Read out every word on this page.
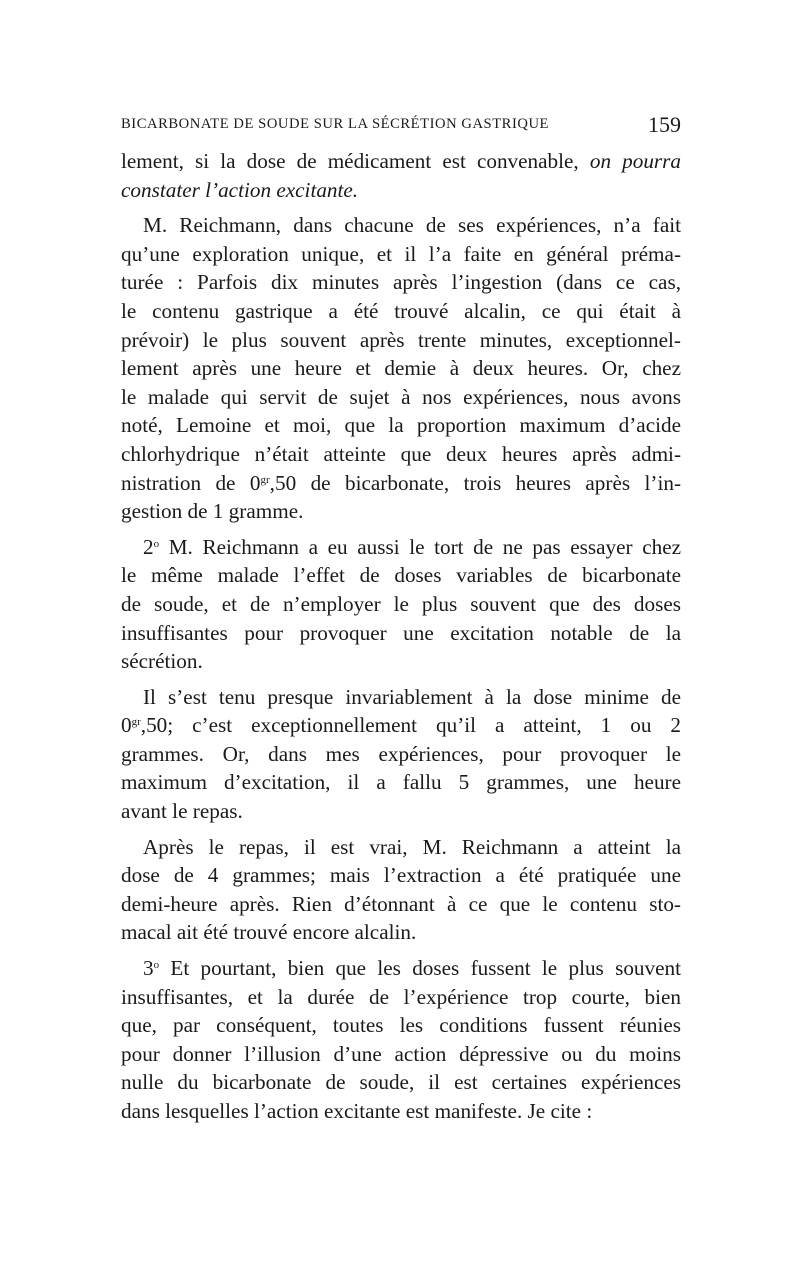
BICARBONATE DE SOUDE SUR LA SÉCRÉTION GASTRIQUE	159
lement, si la dose de médicament est convenable, on pourra
constater l’action excitante.
M. Reichmann, dans chacune de ses expériences, n’a fait
qu’une exploration unique, et il l’a faite en général préma-
turée : Parfois dix minutes après l’ingestion (dans ce cas,
le contenu gastrique a été trouvé alcalin, ce qui était à
prévoir) le plus souvent après trente minutes, exceptionnel-
lement après une heure et demie à deux heures. Or, chez
le malade qui servit de sujet à nos expériences, nous avons
noté, Lemoine et moi, que la proportion maximum d’acide
chlorhydrique n’était atteinte que deux heures après admi-
nistration de $0^{gr},50$ de bicarbonate, trois heures après l’in-
gestion de 1 gramme.
2$^o$ M. Reichmann a eu aussi le tort de ne pas essayer chez
le même malade l’effet de doses variables de bicarbonate
de soude, et de n’employer le plus souvent que des doses
insuffisantes pour provoquer une excitation notable de la
sécrétion.
Il s’est tenu presque invariablement à la dose minime de
$0^{gr},50$; c’est exceptionnellement qu’il a atteint, 1 ou 2
grammes. Or, dans mes expériences, pour provoquer le
maximum d’excitation, il a fallu 5 grammes, une heure
avant le repas.
Après le repas, il est vrai, M. Reichmann a atteint la
dose de 4 grammes; mais l’extraction a été pratiquée une
demi-heure après. Rien d’étonnant à ce que le contenu sto-
macal ait été trouvé encore alcalin.
3$^o$ Et pourtant, bien que les doses fussent le plus souvent
insuffisantes, et la durée de l’expérience trop courte, bien
que, par conséquent, toutes les conditions fussent réunies
pour donner l’illusion d’une action dépressive ou du moins
nulle du bicarbonate de soude, il est certaines expériences
dans lesquelles l’action excitante est manifeste. Je cite :
